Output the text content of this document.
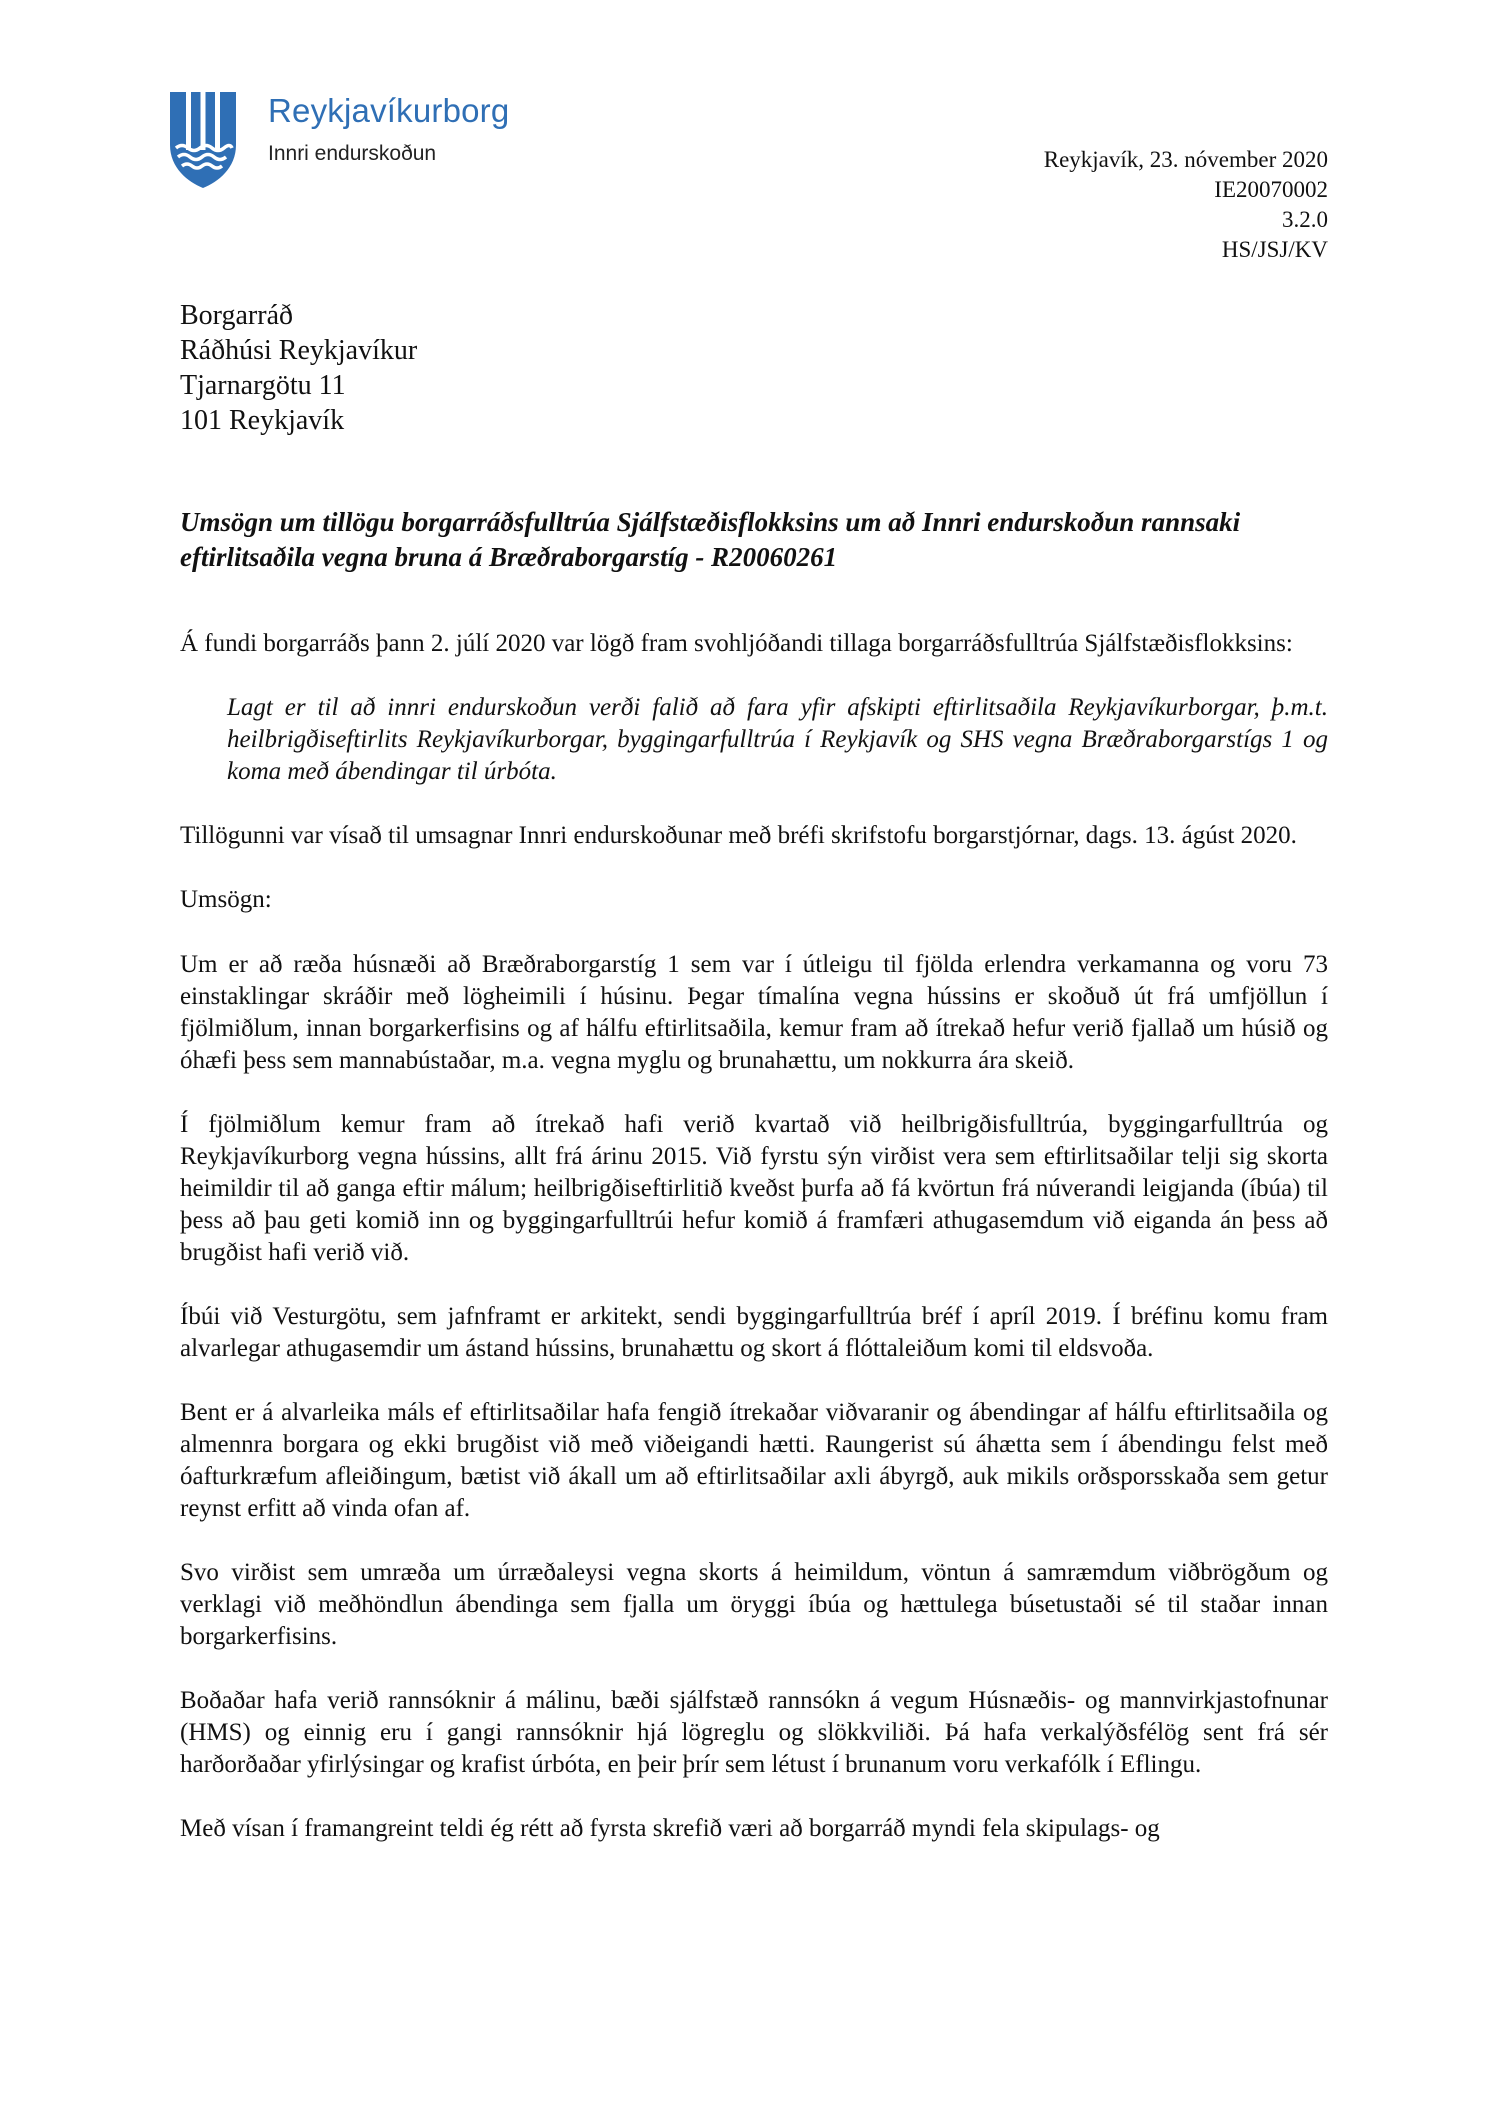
Reykjavíkurborg
Innri endurskoðun	Reykjavík, 23. nóvember 2020
IE20070002
3.2.0
HS/JSJ/KV
Borgarráð
Ráðhúsi Reykjavíkur
Tjarnargötu 11
101 Reykjavík
Umsögn um tillögu borgarráðsfulltrúa Sjálfstæðisflokksins um að Innri endurskoðun rannsaki eftirlitsaðila vegna bruna á Bræðraborgarstíg - R20060261

Á fundi borgarráðs þann 2. júlí 2020 var lögð fram svohljóðandi tillaga borgarráðsfulltrúa Sjálfstæðisflokksins:

Lagt er til að innri endurskoðun verði falið að fara yfir afskipti eftirlitsaðila Reykjavíkurborgar, þ.m.t. heilbrigðiseftirlits Reykjavíkurborgar, byggingarfulltrúa í Reykjavík og SHS vegna Bræðraborgarstígs 1 og koma með ábendingar til úrbóta.

Tillögunni var vísað til umsagnar Innri endurskoðunar með bréfi skrifstofu borgarstjórnar, dags. 13. ágúst 2020.

Umsögn:

Um er að ræða húsnæði að Bræðraborgarstíg 1 sem var í útleigu til fjölda erlendra verkamanna og voru 73 einstaklingar skráðir með lögheimili í húsinu. Þegar tímalína vegna hússins er skoðuð út frá umfjöllun í fjölmiðlum, innan borgarkerfisins og af hálfu eftirlitsaðila, kemur fram að ítrekað hefur verið fjallað um húsið og óhæfi þess sem mannabústaðar, m.a. vegna myglu og brunahættu, um nokkurra ára skeið.

Í fjölmiðlum kemur fram að ítrekað hafi verið kvartað við heilbrigðisfulltrúa, byggingarfulltrúa og Reykjavíkurborg vegna hússins, allt frá árinu 2015. Við fyrstu sýn virðist vera sem eftirlitsaðilar telji sig skorta heimildir til að ganga eftir málum; heilbrigðiseftirlitið kveðst þurfa að fá kvörtun frá núverandi leigjanda (íbúa) til þess að þau geti komið inn og byggingarfulltrúi hefur komið á framfæri athugasemdum við eiganda án þess að brugðist hafi verið við.

Íbúi við Vesturgötu, sem jafnframt er arkitekt, sendi byggingarfulltrúa bréf í apríl 2019. Í bréfinu komu fram alvarlegar athugasemdir um ástand hússins, brunahættu og skort á flóttaleiðum komi til eldsvoða.

Bent er á alvarleika máls ef eftirlitsaðilar hafa fengið ítrekaðar viðvaranir og ábendingar af hálfu eftirlitsaðila og almennra borgara og ekki brugðist við með viðeigandi hætti. Raungerist sú áhætta sem í ábendingu felst með óafturkræfum afleiðingum, bætist við ákall um að eftirlitsaðilar axli ábyrgð, auk mikils orðsporsskaða sem getur reynst erfitt að vinda ofan af.

Svo virðist sem umræða um úrræðaleysi vegna skorts á heimildum, vöntun á samræmdum viðbrögðum og verklagi við meðhöndlun ábendinga sem fjalla um öryggi íbúa og hættulega búsetustaði sé til staðar innan borgarkerfisins.

Boðaðar hafa verið rannsóknir á málinu, bæði sjálfstæð rannsókn á vegum Húsnæðis- og mannvirkjastofnunar (HMS) og einnig eru í gangi rannsóknir hjá lögreglu og slökkviliði. Þá hafa verkalýðsfélög sent frá sér harðorðaðar yfirlýsingar og krafist úrbóta, en þeir þrír sem létust í brunanum voru verkafólk í Eflingu.

Með vísan í framangreint teldi ég rétt að fyrsta skrefið væri að borgarráð myndi fela skipulags- og
